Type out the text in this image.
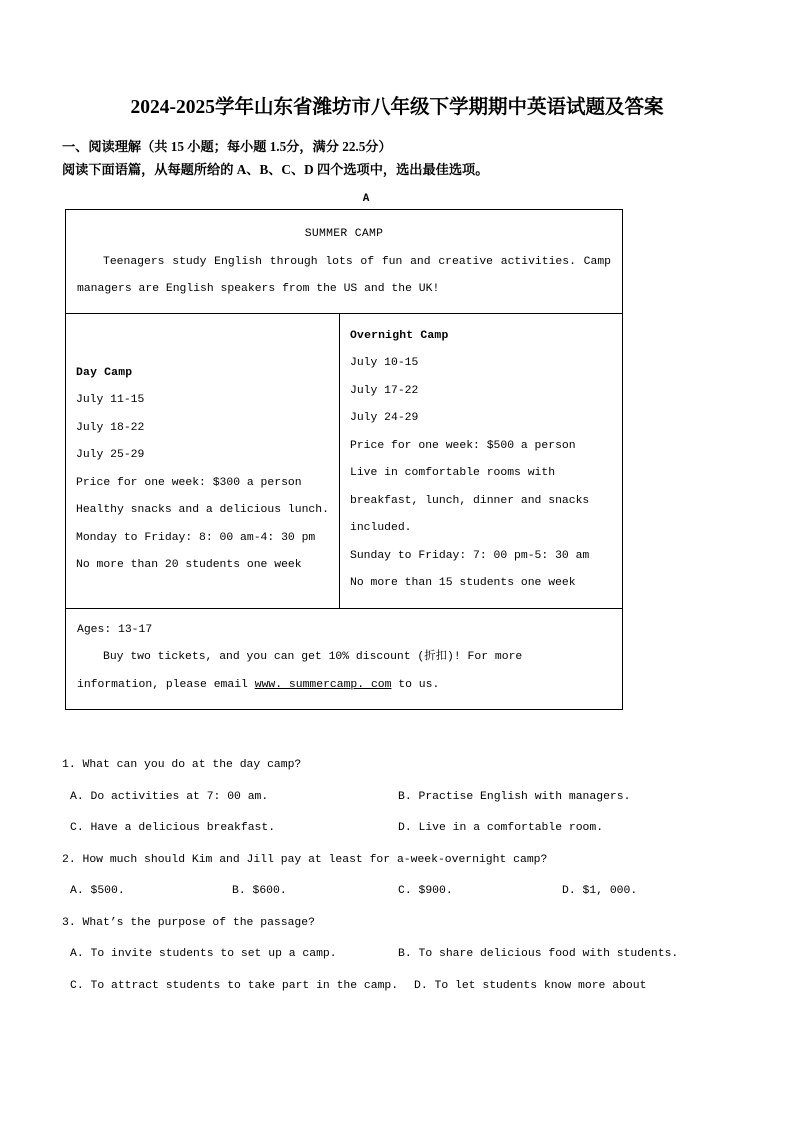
2024-2025学年山东省潍坊市八年级下学期期中英语试题及答案

一、阅读理解（共 15 小题；每小题 1.5分，满分 22.5分）

阅读下面语篇，从每题所给的 A、B、C、D 四个选项中，选出最佳选项。

A

SUMMER CAMP

Teenagers study English through lots of fun and creative activities. Camp managers are English speakers from the US and the UK!

Day Camp

July 11-15

July 18-22

July 25-29

Price for one week: $300 a person

Healthy snacks and a delicious lunch.

Monday to Friday: 8: 00 am-4: 30 pm

No more than 20 students one week

Overnight Camp

July 10-15

July 17-22

July 24-29

Price for one week: $500 a person

Live in comfortable rooms with

breakfast, lunch, dinner and snacks

included.

Sunday to Friday: 7: 00 pm-5: 30 am

No more than 15 students one week

Ages: 13-17

Buy two tickets, and you can get 10% discount (折扣)! For more

information, please email www. summercamp. com to us.

1. What can you do at the day camp?

A. Do activities at 7: 00 am.	B. Practise English with managers.
C. Have a delicious breakfast.	D. Live in a comfortable room.

2. How much should Kim and Jill pay at least for a-week-overnight camp?

A. $500.	B. $600.	C. $900.	D. $1, 000.

3. What’s the purpose of the passage?

A. To invite students to set up a camp.	B. To share delicious food with students.
C. To attract students to take part in the camp. D. To let students know more about
